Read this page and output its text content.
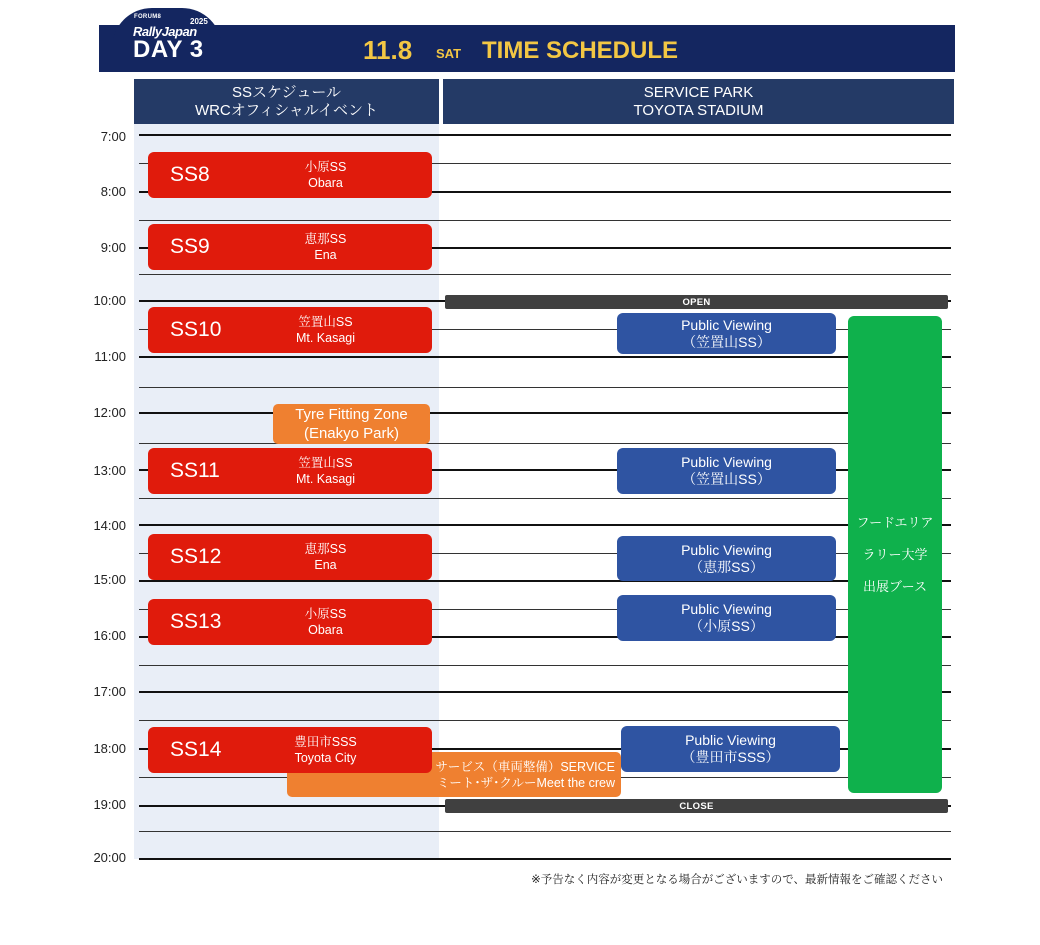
FORUM8	2025
RallyJapan
DAY 3	11.8 SAT TIME SCHEDULE
SSスケジュール
WRCオフィシャルイベント
SERVICE PARK
TOYOTA STADIUM
7:00
8:00
9:00
10:00
11:00
12:00
13:00
14:00
15:00
16:00
17:00
18:00
19:00
20:00
OPEN
CLOSE
SS8	小原SS
Obara
SS9	恵那SS
Ena
SS10	笠置山SS
Mt. Kasagi
SS11	笠置山SS
Mt. Kasagi
SS12	恵那SS
Ena
SS13	小原SS
Obara
Tyre Fitting Zone
(Enakyo Park)
サービス（車両整備）SERVICE
ミート･ザ･クルーMeet the crew
SS14	豊田市SSS
Toyota City
Public Viewing
（笠置山SS）
Public Viewing
（笠置山SS）
Public Viewing
（恵那SS）
Public Viewing
（小原SS）
Public Viewing
（豊田市SSS）
フードエリア
ラリー大学
出展ブース
※予告なく内容が変更となる場合がございますので、最新情報をご確認ください
